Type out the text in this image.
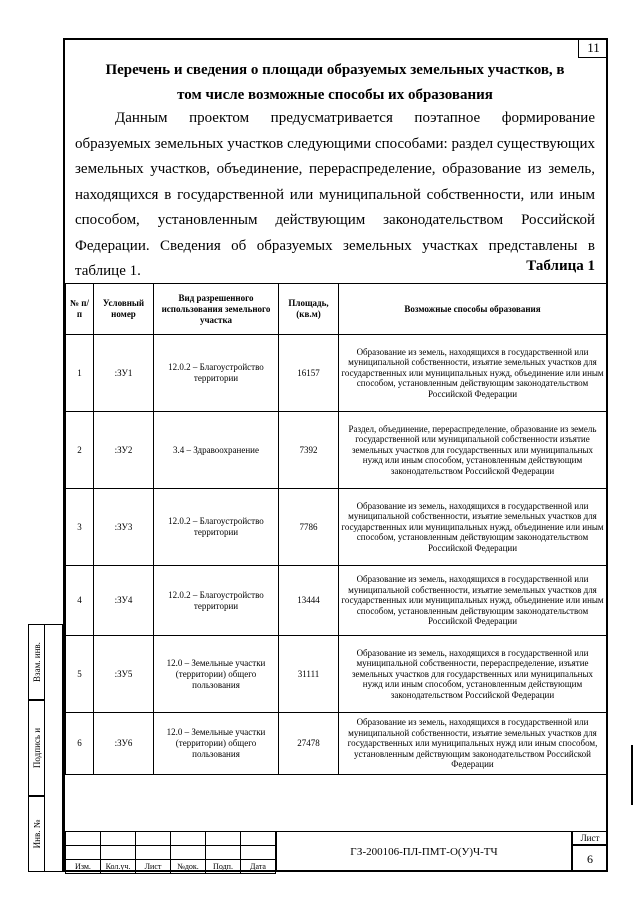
11
Перечень и сведения о площади образуемых земельных участков, в
том числе возможные способы их образования
Данным проектом предусматривается поэтапное формирование образуемых земельных участков следующими способами: раздел существующих земельных участков, объединение, перераспределение, образование из земель, находящихся в государственной или муниципальной собственности, или иным способом, установленным действующим законодательством Российской Федерации. Сведения об образуемых земельных участках представлены в таблице 1.	Таблица 1
№ п/п	Условный номер	Вид разрешенного использования земельного участка	Площадь, (кв.м)	Возможные способы образования
1	:ЗУ1	12.0.2 – Благоустройство территории	16157	Образование из земель, находящихся в государственной или муниципальной собственности, изъятие земельных участков для государственных или муниципальных нужд, объединение или иным способом, установленным действующим законодательством Российской Федерации
2	:ЗУ2	3.4 – Здравоохранение	7392	Раздел, объединение, перераспределение, образование из земель государственной или муниципальной собственности изъятие земельных участков для государственных или муниципальных нужд или иным способом, установленным действующим законодательством Российской Федерации
3	:ЗУ3	12.0.2 – Благоустройство территории	7786	Образование из земель, находящихся в государственной или муниципальной собственности, изъятие земельных участков для государственных или муниципальных нужд, объединение или иным способом, установленным действующим законодательством Российской Федерации
4	:ЗУ4	12.0.2 – Благоустройство территории	13444	Образование из земель, находящихся в государственной или муниципальной собственности, изъятие земельных участков для государственных или муниципальных нужд, объединение или иным способом, установленным действующим законодательством Российской Федерации
5	:ЗУ5	12.0 – Земельные участки (территории) общего пользования	31111	Образование из земель, находящихся в государственной или муниципальной собственности, перераспределение, изъятие земельных участков для государственных или муниципальных нужд или иным способом, установленным действующим законодательством Российской Федерации
6	:ЗУ6	12.0 – Земельные участки (территории) общего пользования	27478	Образование из земель, находящихся в государственной или муниципальной собственности, изъятие земельных участков для государственных или муниципальных нужд или иным способом, установленным действующим законодательством Российской Федерации
Взам. инв.
Подпись и
Инв. №

Изм.	Кол.уч.	Лист	№док.	Подп.	Дата
ГЗ-200106-ПЛ-ПМТ-О(У)Ч-ТЧ
Лист
6
